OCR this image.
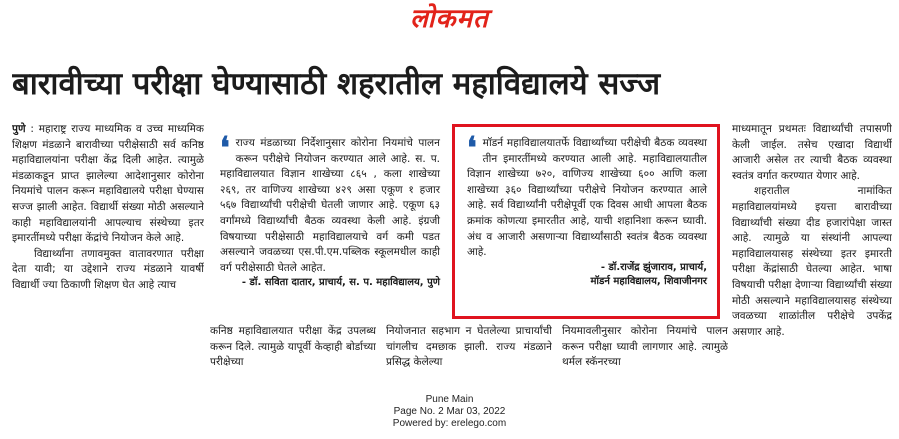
लोकमत
बारावीच्या परीक्षा घेण्यासाठी शहरातील महाविद्यालये सज्ज

पुणे : महाराष्ट्र राज्य माध्यमिक व उच्च माध्यमिक शिक्षण मंडळाने बारावीच्या परीक्षेसाठी सर्व कनिष्ठ महाविद्यालयांना परीक्षा केंद्र दिली आहेत. त्यामुळे मंडळाकडून प्राप्त झालेल्या आदेशानुसार कोरोना नियमांचे पालन करून महाविद्यालये परीक्षा घेण्यास सज्ज झाली आहेत. विद्यार्थी संख्या मोठी असल्याने काही महाविद्यालयांनी आपल्याच संस्थेच्या इतर इमारतींमध्ये परीक्षा केंद्रांचे नियोजन केले आहे.

विद्यार्थ्यांना तणावमुक्त वातावरणात परीक्षा देता यावी; या उद्देशाने राज्य मंडळाने यावर्षी विद्यार्थी ज्या ठिकाणी शिक्षण घेत आहे त्याच

❛ राज्य मंडळाच्या निर्देशानुसार कोरोना नियमांचे पालन करून परीक्षेचे नियोजन करण्यात आले आहे. स. प. महाविद्यालयात विज्ञान शाखेच्या ८६५ , कला शाखेच्या २६९, तर वाणिज्य शाखेच्या ४२९ असा एकूण १ हजार ५६७ विद्यार्थ्यांची परीक्षेची घेतली जाणार आहे. एकूण ६३ वर्गांमध्ये विद्यार्थ्यांची बैठक व्यवस्था केली आहे. इंग्रजी विषयाच्या परीक्षेसाठी महाविद्यालयाचे वर्ग कमी पडत असल्याने जवळच्या एस.पी.एम.पब्लिक स्कूलमधील काही वर्ग परीक्षेसाठी घेतले आहेत.

- डॉ. सविता दातार, प्राचार्य, स. प. महाविद्यालय, पुणे

❛ मॉडर्न महाविद्यालयातर्फे विद्यार्थ्यांच्या परीक्षेची बैठक व्यवस्था तीन इमारतींमध्ये करण्यात आली आहे. महाविद्यालयातील विज्ञान शाखेच्या ७२०, वाणिज्य शाखेच्या ६०० आणि कला शाखेच्या ३६० विद्यार्थ्यांच्या परीक्षेचे नियोजन करण्यात आले आहे. सर्व विद्यार्थ्यांनी परीक्षेपूर्वी एक दिवस आधी आपला बैठक क्रमांक कोणत्या इमारतीत आहे, याची शहानिशा करून घ्यावी. अंध व आजारी असणाऱ्या विद्यार्थ्यांसाठी स्वतंत्र बैठक व्यवस्था आहे.

- डॉ.राजेंद्र झुंजाराव, प्राचार्य,

मॉडर्न महाविद्यालय, शिवाजीनगर

कनिष्ठ महाविद्यालयात परीक्षा केंद्र उपलब्ध करून दिले. त्यामुळे यापूर्वी केव्हाही बोर्डाच्या परीक्षेच्या

नियोजनात सहभाग न घेतलेल्या प्राचार्यांची चांगलीच दमछाक झाली. राज्य मंडळाने प्रसिद्ध केलेल्या

नियमावलीनुसार कोरोना नियमांचे पालन करून परीक्षा घ्यावी लागणार आहे. त्यामुळे थर्मल स्कॅनरच्या

माध्यमातून प्रथमतः विद्यार्थ्यांची तपासणी केली जाईल. तसेच एखादा विद्यार्थी आजारी असेल तर त्याची बैठक व्यवस्था स्वतंत्र वर्गात करण्यात येणार आहे.

शहरातील नामांकित महाविद्यालयांमध्ये इयत्ता बारावीच्या विद्यार्थ्यांची संख्या दीड हजारांपेक्षा जास्त आहे. त्यामुळे या संस्थांनी आपल्या महाविद्यालयासह संस्थेच्या इतर इमारती परीक्षा केंद्रांसाठी घेतल्या आहेत. भाषा विषयाची परीक्षा देणाऱ्या विद्यार्थ्यांची संख्या मोठी असल्याने महाविद्यालयासह संस्थेच्या जवळच्या शाळांतील परीक्षेचे उपकेंद्र असणार आहे.

Pune Main
Page No. 2 Mar 03, 2022
Powered by: erelego.com
